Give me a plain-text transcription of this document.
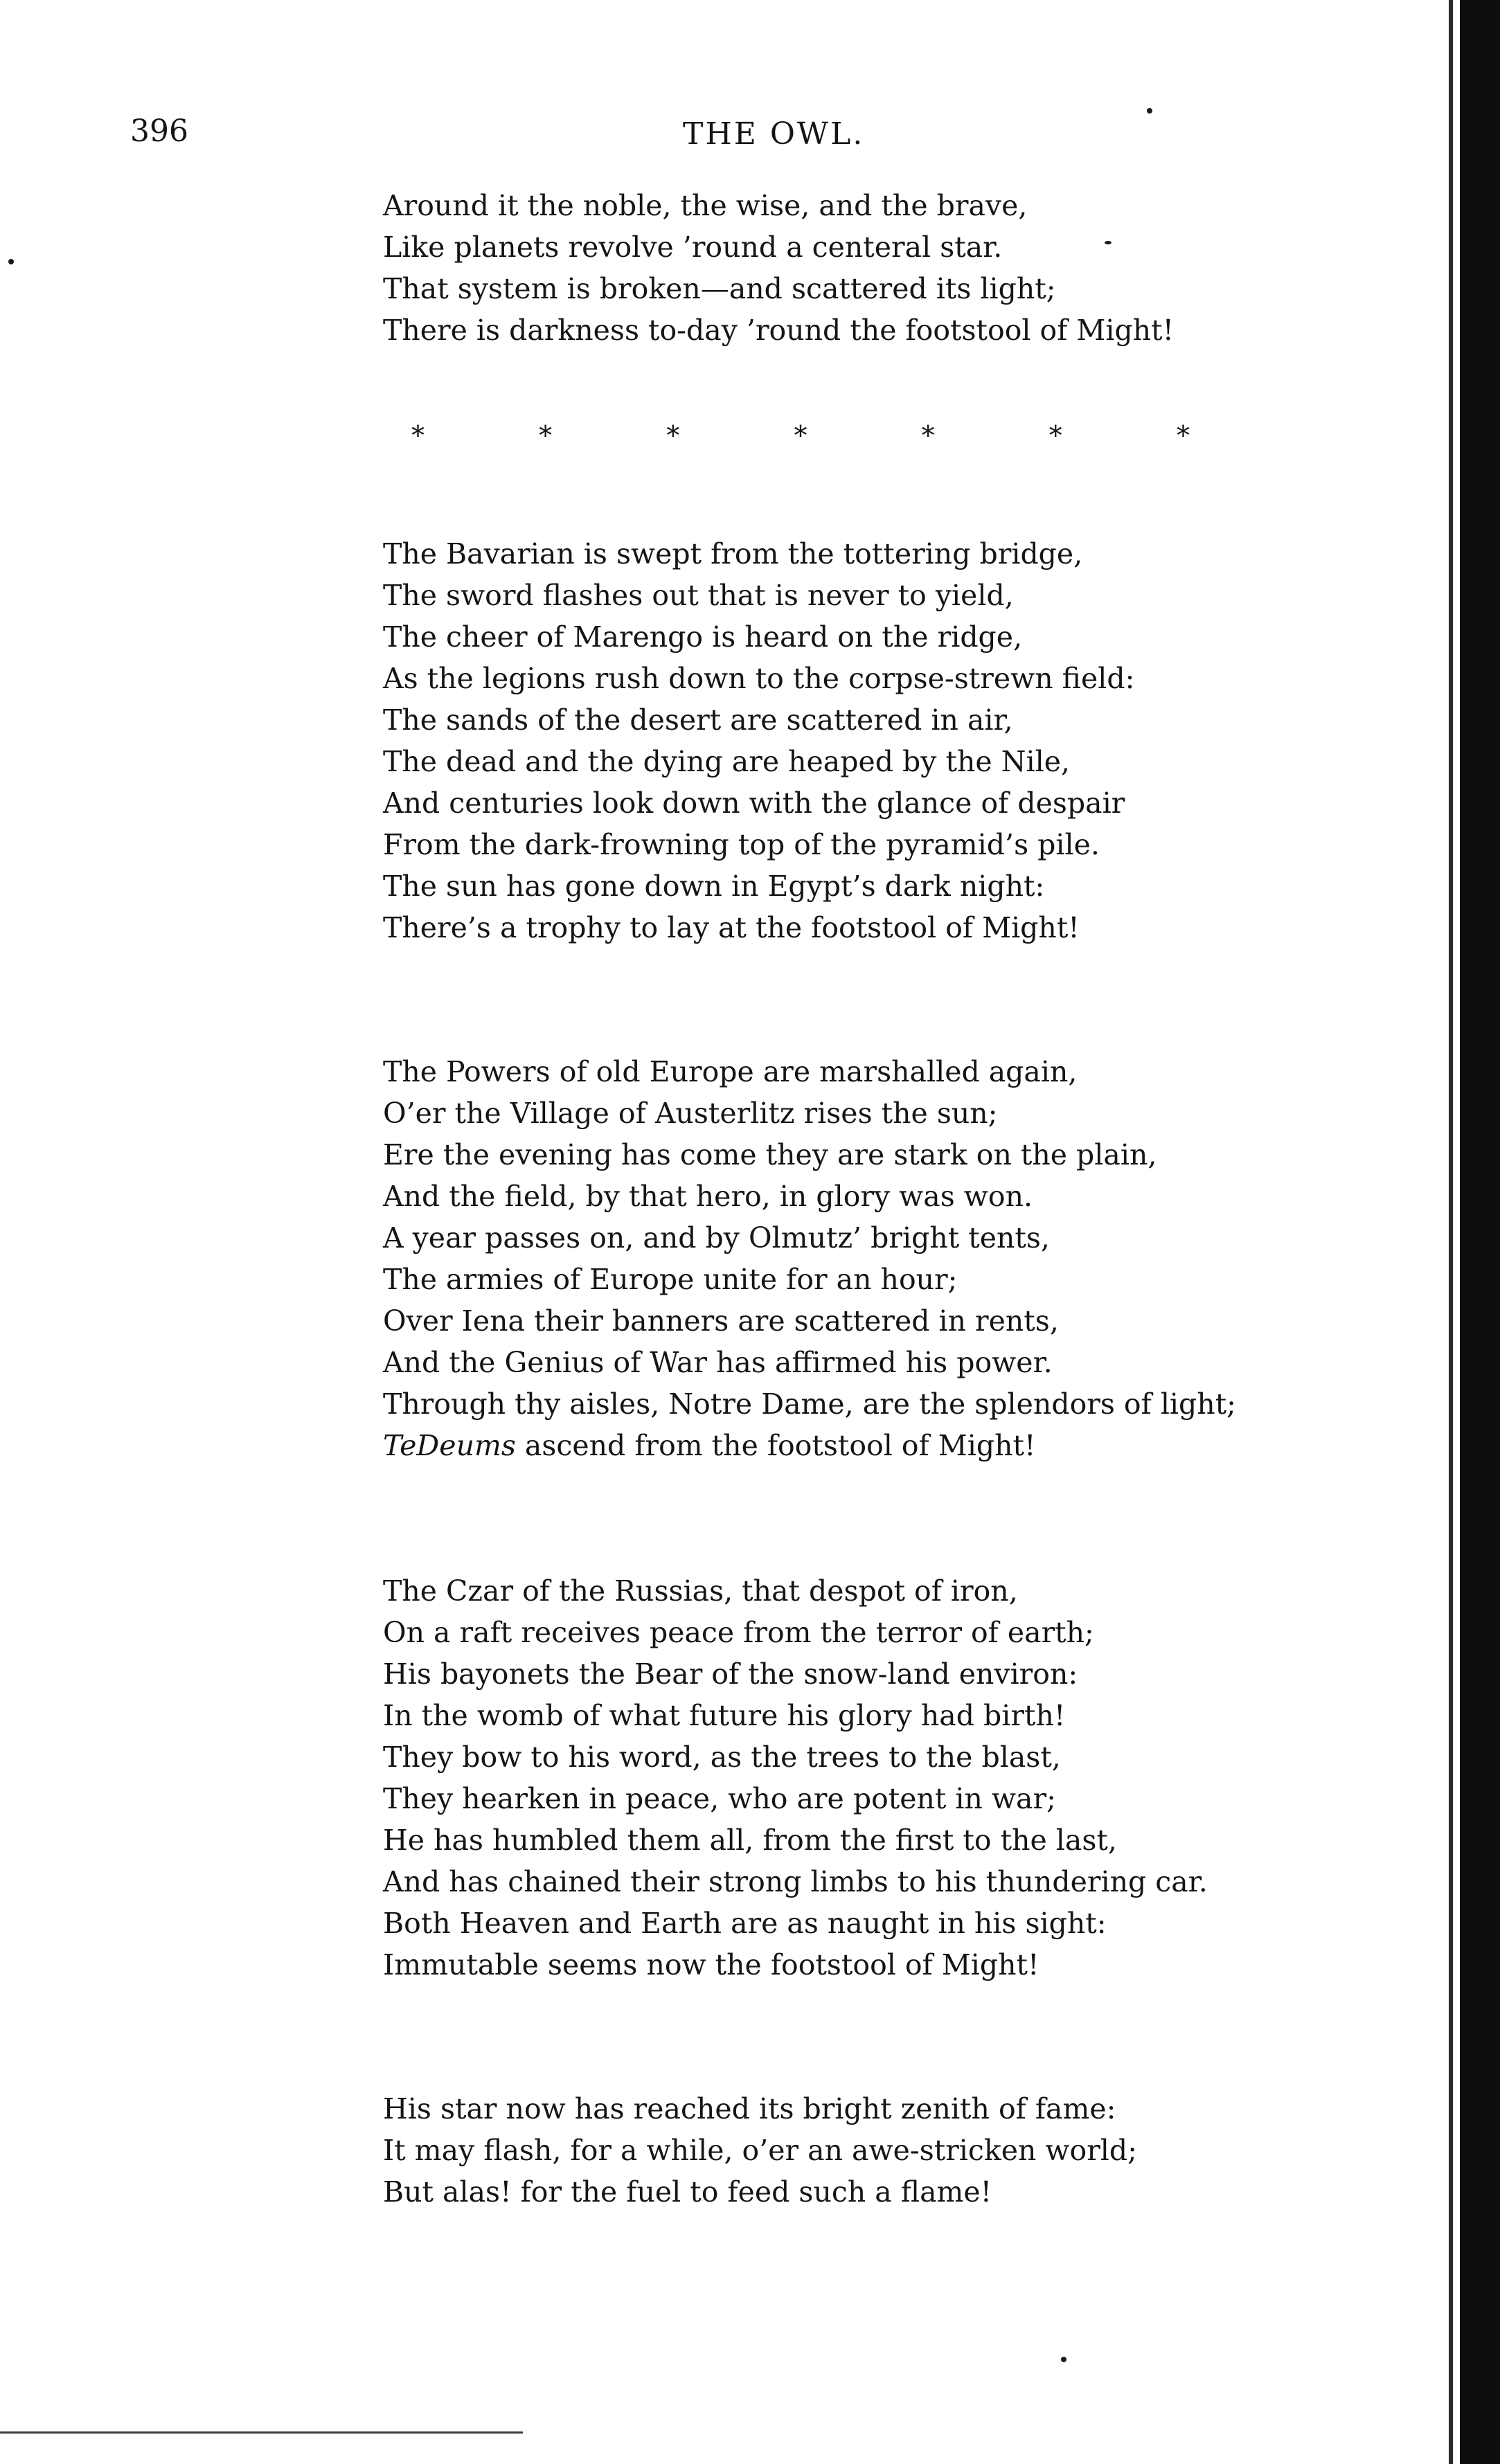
396	THE OWL.
Around it the noble, the wise, and the brave,
Like planets revolve ’round a centeral star.
That system is broken—and scattered its light;
There is darkness to-day ’round the footstool of Might!
*	*	*	*	*	*	*
The Bavarian is swept from the tottering bridge,
The sword flashes out that is never to yield,
The cheer of Marengo is heard on the ridge,
As the legions rush down to the corpse-strewn field:
The sands of the desert are scattered in air,
The dead and the dying are heaped by the Nile,
And centuries look down with the glance of despair
From the dark-frowning top of the pyramid’s pile.
The sun has gone down in Egypt’s dark night:
There’s a trophy to lay at the footstool of Might!
The Powers of old Europe are marshalled again,
O’er the Village of Austerlitz rises the sun;
Ere the evening has come they are stark on the plain,
And the field, by that hero, in glory was won.
A year passes on, and by Olmutz’ bright tents,
The armies of Europe unite for an hour;
Over Iena their banners are scattered in rents,
And the Genius of War has affirmed his power.
Through thy aisles, Notre Dame, are the splendors of light;
TeDeums ascend from the footstool of Might!
The Czar of the Russias, that despot of iron,
On a raft receives peace from the terror of earth;
His bayonets the Bear of the snow-land environ:
In the womb of what future his glory had birth!
They bow to his word, as the trees to the blast,
They hearken in peace, who are potent in war;
He has humbled them all, from the first to the last,
And has chained their strong limbs to his thundering car.
Both Heaven and Earth are as naught in his sight:
Immutable seems now the footstool of Might!
His star now has reached its bright zenith of fame:
It may flash, for a while, o’er an awe-stricken world;
But alas! for the fuel to feed such a flame!
